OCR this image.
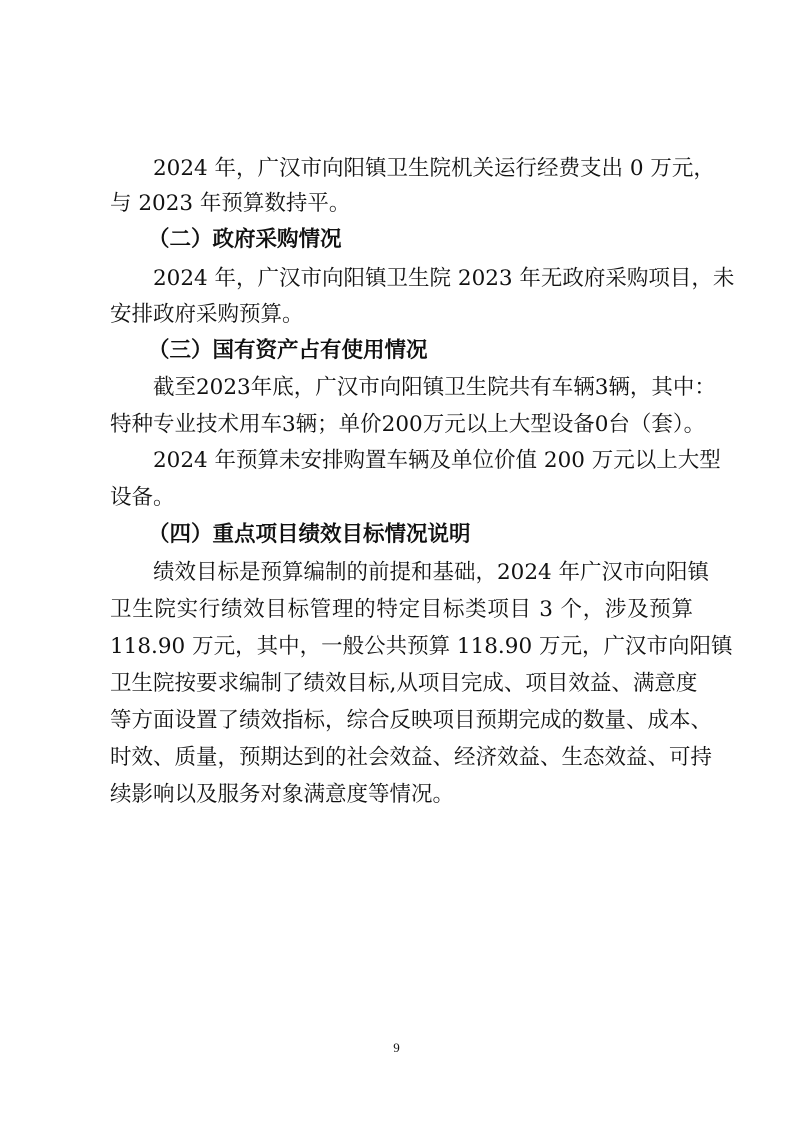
2024 年，广汉市向阳镇卫生院机关运行经费支出 0 万元，
与 2023 年预算数持平。
（二）政府采购情况
2024 年，广汉市向阳镇卫生院 2023 年无政府采购项目，未
安排政府采购预算。
（三）国有资产占有使用情况
截至2023年底，广汉市向阳镇卫生院共有车辆3辆，其中：
特种专业技术用车3辆；单价200万元以上大型设备0台（套）。
2024 年预算未安排购置车辆及单位价值 200 万元以上大型
设备。
（四）重点项目绩效目标情况说明
绩效目标是预算编制的前提和基础，2024 年广汉市向阳镇
卫生院实行绩效目标管理的特定目标类项目 3 个，涉及预算
118.90 万元，其中，一般公共预算 118.90 万元，广汉市向阳镇
卫生院按要求编制了绩效目标,从项目完成、项目效益、满意度
等方面设置了绩效指标，综合反映项目预期完成的数量、成本、
时效、质量，预期达到的社会效益、经济效益、生态效益、可持
续影响以及服务对象满意度等情况。
9
